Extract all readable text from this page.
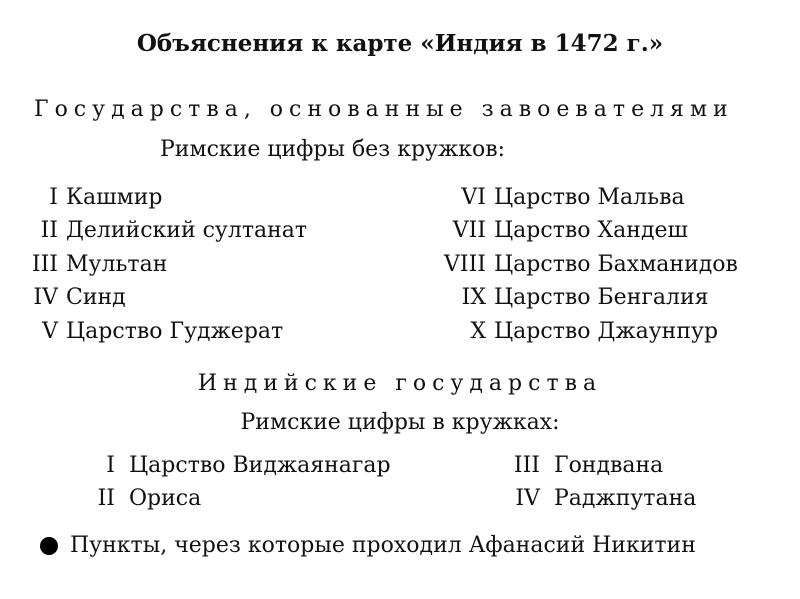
Объяснения к карте «Индия в 1472 г.»
Государства, основанные завоевателями
Римские цифры без кружков:
I Кашмир
II Делийский султанат
III Мультан
IV Синд
V Царство Гуджерат
VI Царство Мальва
VII Царство Хандеш
VIII Царство Бахманидов
IX Царство Бенгалия
X Царство Джаунпур
Индийские государства
Римские цифры в кружках:
I Царство Виджаянагар
II Ориса
III Гондвана
IV Раджпутана
Пункты, через которые проходил Афанасий Никитин
